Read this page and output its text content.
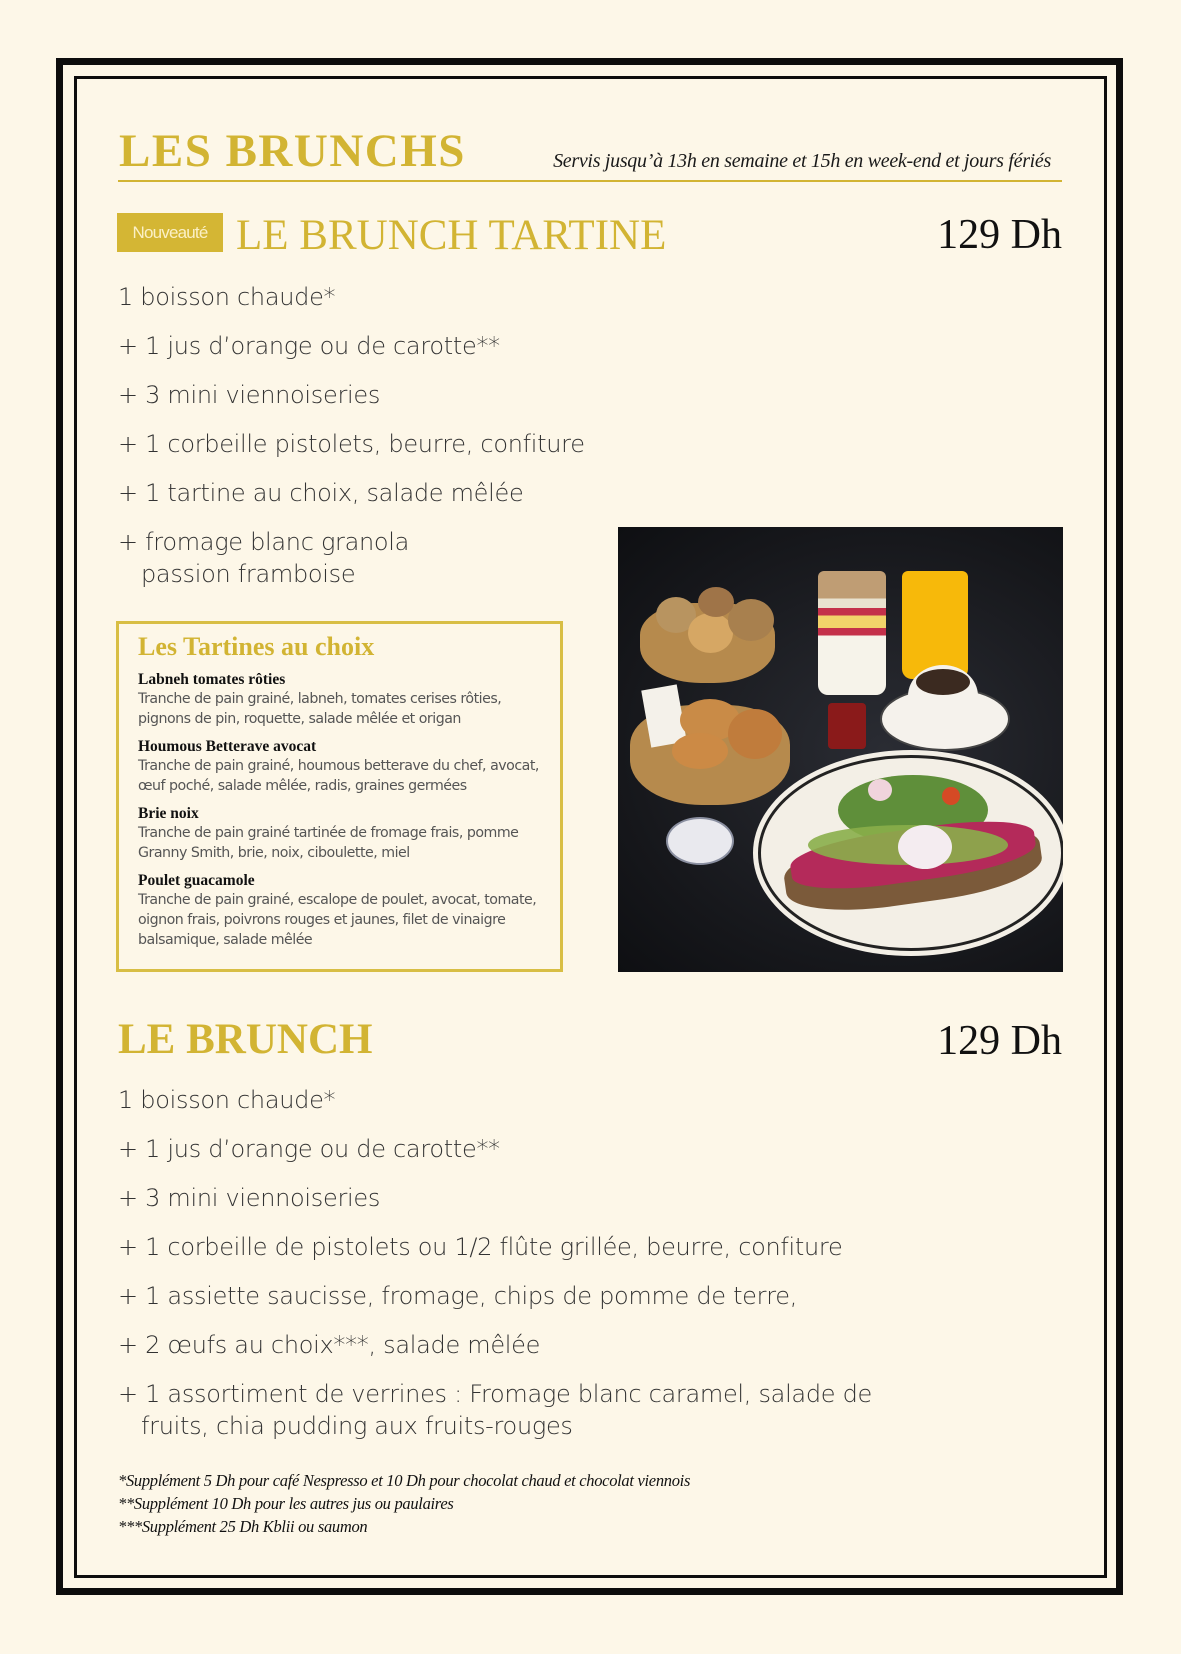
LES BRUNCHS	Servis jusqu’à 13h en semaine et 15h en week-end et jours fériés
Nouveauté LE BRUNCH TARTINE	129 Dh
1 boisson chaude*
+ 1 jus d’orange ou de carotte**
+ 3 mini viennoiseries
+ 1 corbeille pistolets, beurre, confiture
+ 1 tartine au choix, salade mêlée
+ fromage blanc granola passion framboise
Les Tartines au choix
Labneh tomates rôties
Tranche de pain grainé, labneh, tomates cerises rôties, pignons de pin, roquette, salade mêlée et origan
Houmous Betterave avocat
Tranche de pain grainé, houmous betterave du chef, avocat, œuf poché, salade mêlée, radis, graines germées
Brie noix
Tranche de pain grainé tartinée de fromage frais, pomme Granny Smith, brie, noix, ciboulette, miel
Poulet guacamole
Tranche de pain grainé, escalope de poulet, avocat, tomate, oignon frais, poivrons rouges et jaunes, filet de vinaigre balsamique, salade mêlée
LE BRUNCH	129 Dh
1 boisson chaude*
+ 1 jus d’orange ou de carotte**
+ 3 mini viennoiseries
+ 1 corbeille de pistolets ou 1/2 flûte grillée, beurre, confiture
+ 1 assiette saucisse, fromage, chips de pomme de terre,
+ 2 œufs au choix***, salade mêlée
+ 1 assortiment de verrines : Fromage blanc caramel, salade de fruits, chia pudding aux fruits-rouges
*Supplément 5 Dh pour café Nespresso et 10 Dh pour chocolat chaud et chocolat viennois
**Supplément 10 Dh pour les autres jus ou paulaires
***Supplément 25 Dh Kblii ou saumon
